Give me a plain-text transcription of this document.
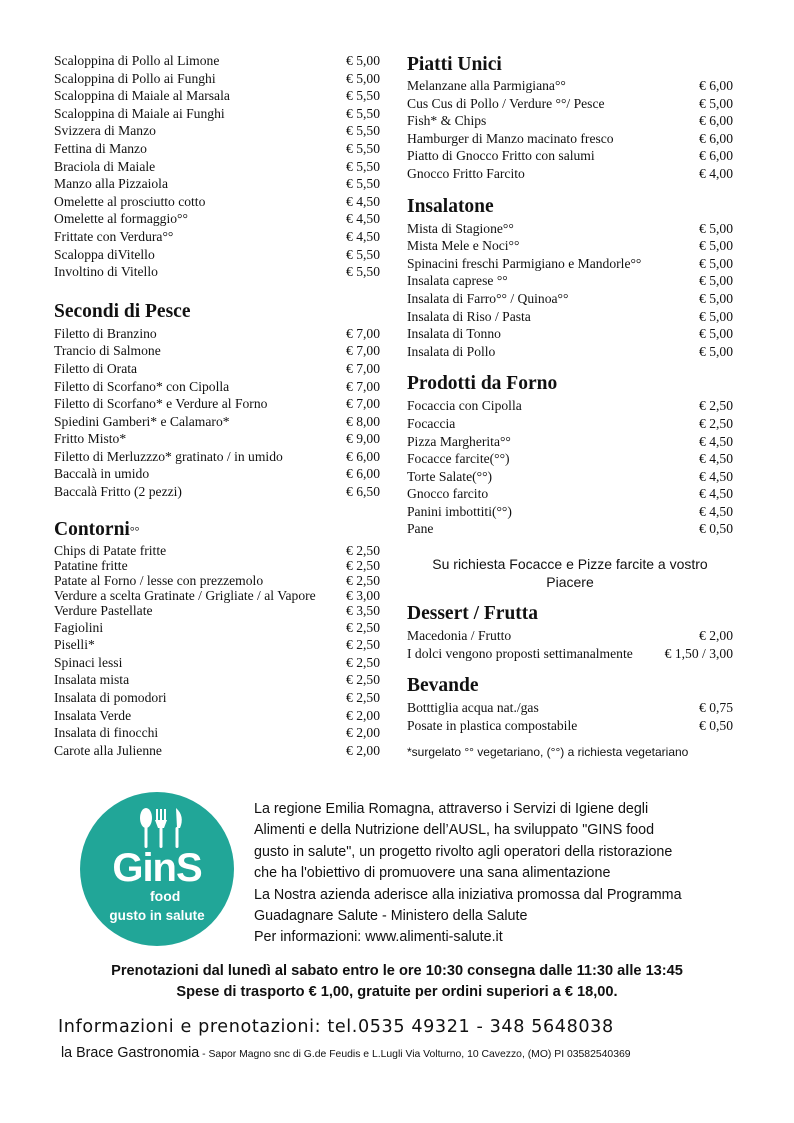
Scaloppina di Pollo al Limone	€ 5,00
Scaloppina di Pollo ai Funghi	€ 5,00
Scaloppina di Maiale al Marsala	€ 5,50
Scaloppina di Maiale ai Funghi	€ 5,50
Svizzera di Manzo	€ 5,50
Fettina di Manzo	€ 5,50
Braciola di Maiale	€ 5,50
Manzo alla Pizzaiola	€ 5,50
Omelette al prosciutto cotto	€ 4,50
Omelette al formaggio°°	€ 4,50
Frittate con Verdura°°	€ 4,50
Scaloppa diVitello	€ 5,50
Involtino di Vitello	€ 5,50
Secondi di Pesce
Filetto di Branzino	€ 7,00
Trancio di Salmone	€ 7,00
Filetto di Orata	€ 7,00
Filetto di Scorfano* con Cipolla	€ 7,00
Filetto di Scorfano* e Verdure al Forno	€ 7,00
Spiedini Gamberi* e Calamaro*	€ 8,00
Fritto Misto*	€ 9,00
Filetto di Merluzzzo* gratinato / in umido	€ 6,00
Baccalà in umido	€ 6,00
Baccalà Fritto (2 pezzi)	€ 6,50
Contorni°°
Chips di Patate fritte	€ 2,50
Patatine fritte	€ 2,50
Patate al Forno / lesse con prezzemolo	€ 2,50
Verdure a scelta Gratinate / Grigliate / al Vapore € 3,00
Verdure Pastellate	€ 3,50
Fagiolini	€ 2,50
Piselli*	€ 2,50
Spinaci lessi	€ 2,50
Insalata mista	€ 2,50
Insalata di pomodori	€ 2,50
Insalata Verde	€ 2,00
Insalata di finocchi	€ 2,00
Carote alla Julienne	€ 2,00
Piatti Unici
Melanzane alla Parmigiana°°	€ 6,00
Cus Cus di Pollo / Verdure °°/ Pesce	€ 5,00
Fish* & Chips	€ 6,00
Hamburger di Manzo macinato fresco	€ 6,00
Piatto di Gnocco Fritto con salumi	€ 6,00
Gnocco Fritto Farcito	€ 4,00
Insalatone
Mista di Stagione°°	€ 5,00
Mista Mele e Noci°°	€ 5,00
Spinacini freschi Parmigiano e Mandorle°°	€ 5,00
Insalata caprese °°	€ 5,00
Insalata di Farro°° / Quinoa°°	€ 5,00
Insalata di Riso / Pasta	€ 5,00
Insalata di Tonno	€ 5,00
Insalata di Pollo	€ 5,00
Prodotti da Forno
Focaccia con Cipolla	€ 2,50
Focaccia	€ 2,50
Pizza Margherita°°	€ 4,50
Focacce farcite(°°)	€ 4,50
Torte Salate(°°)	€ 4,50
Gnocco farcito	€ 4,50
Panini imbottiti(°°)	€ 4,50
Pane	€ 0,50
Su richiesta Focacce e Pizze farcite a vostro
Piacere
Dessert / Frutta
Macedonia / Frutto	€ 2,00
I dolci vengono proposti settimanalmente € 1,50 / 3,00
Bevande
Botttiglia acqua nat./gas	€ 0,75
Posate in plastica compostabile	€ 0,50
*surgelato °° vegetariano, (°°) a richiesta vegetariano
GinS
food
gusto in salute
La regione Emilia Romagna, attraverso i Servizi di Igiene degli
Alimenti e della Nutrizione dell’AUSL, ha sviluppato "GINS food
gusto in salute", un progetto rivolto agli operatori della ristorazione
che ha l'obiettivo di promuovere una sana alimentazione
La Nostra azienda aderisce alla iniziativa promossa dal Programma
Guadagnare Salute - Ministero della Salute
Per informazioni: www.alimenti-salute.it
Prenotazioni dal lunedì al sabato entro le ore 10:30 consegna dalle 11:30 alle 13:45
Spese di trasporto € 1,00, gratuite per ordini superiori a € 18,00.
Informazioni e prenotazioni: tel.0535 49321 - 348 5648038
la Brace Gastronomia - Sapor Magno snc di G.de Feudis e L.Lugli Via Volturno, 10 Cavezzo, (MO) PI 03582540369
